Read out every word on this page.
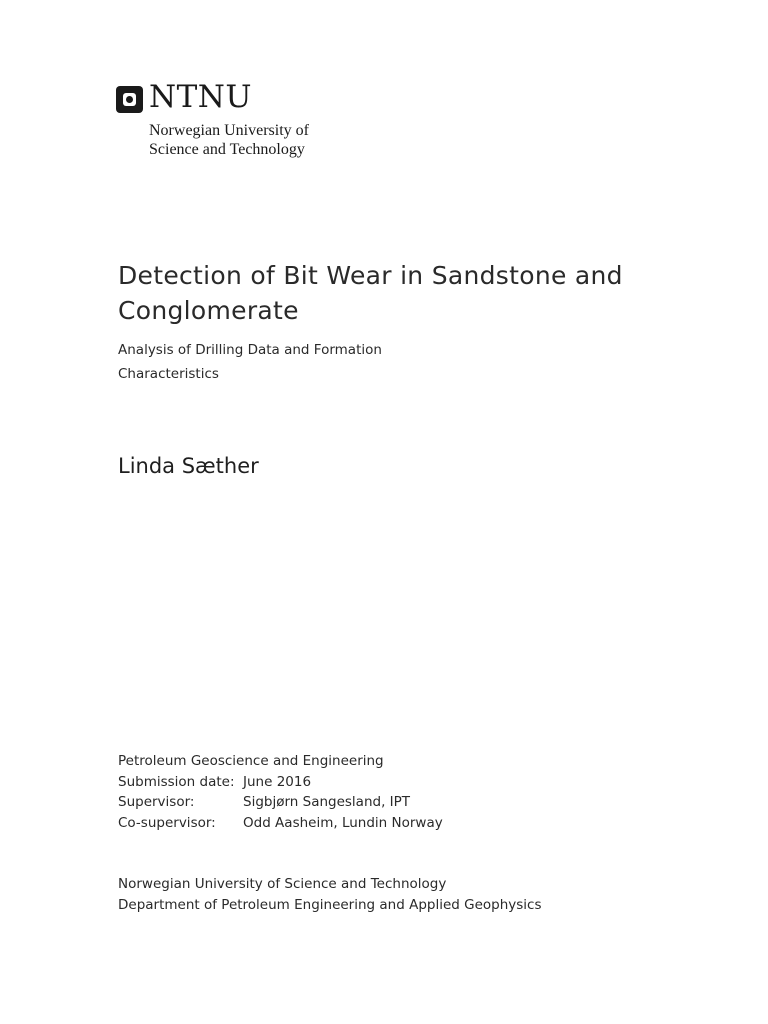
NTNU
Norwegian University of
Science and Technology
Detection of Bit Wear in Sandstone and Conglomerate

Analysis of Drilling Data and Formation Characteristics

Linda Sæther
Petroleum Geoscience and Engineering
Submission date: June 2016
Supervisor:	Sigbjørn Sangesland, IPT
Co-supervisor: Odd Aasheim, Lundin Norway
Norwegian University of Science and Technology
Department of Petroleum Engineering and Applied Geophysics
